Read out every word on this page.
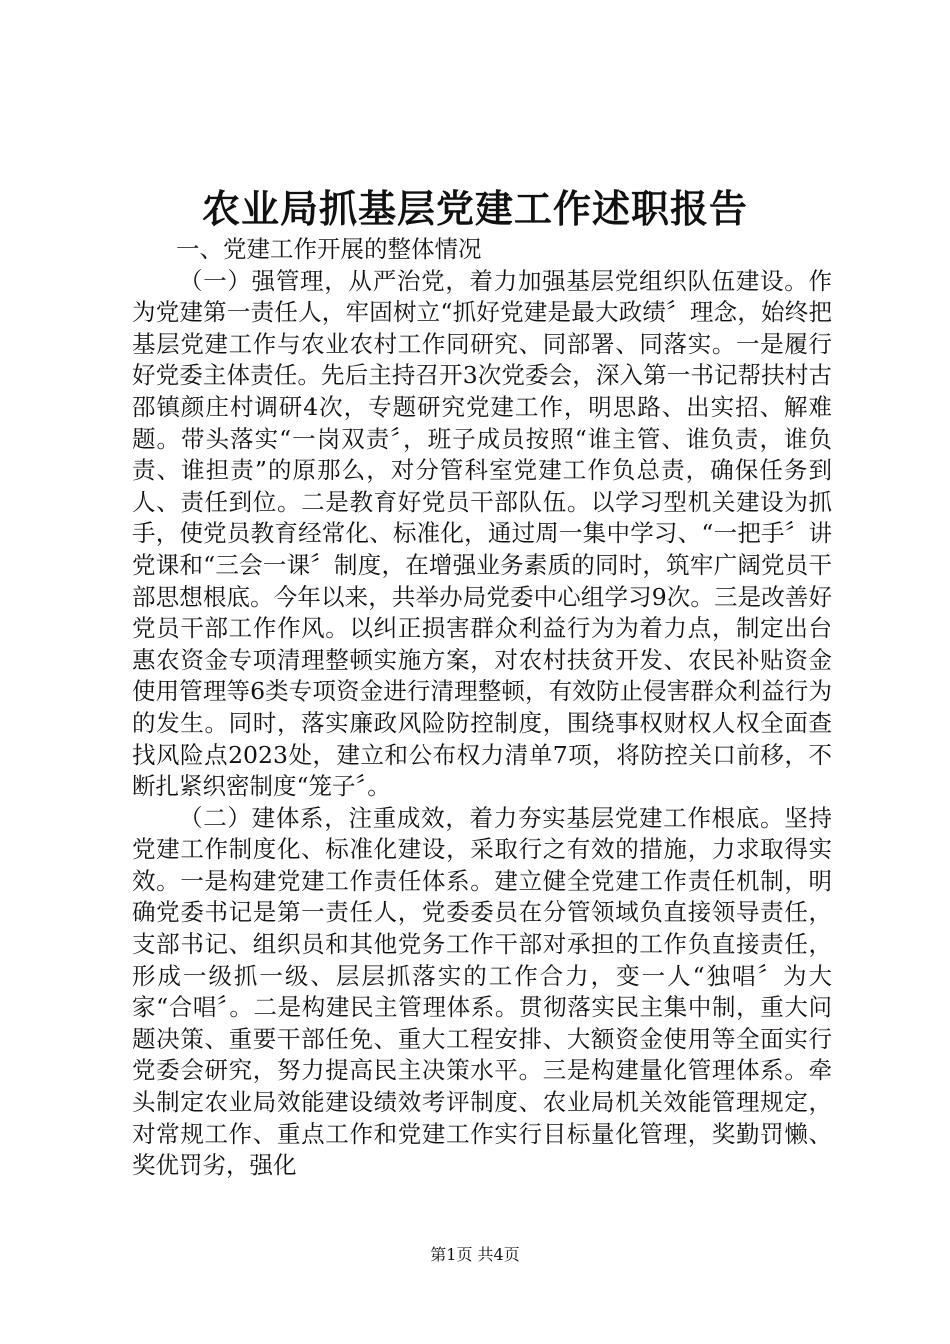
农业局抓基层党建工作述职报告

一、党建工作开展的整体情况

（一）强管理，从严治党，着力加强基层党组织队伍建设。作为党建第一责任人，牢固树立“抓好党建是最大政绩〞理念，始终把基层党建工作与农业农村工作同研究、同部署、同落实。一是履行好党委主体责任。先后主持召开3次党委会，深入第一书记帮扶村古邵镇颜庄村调研4次，专题研究党建工作，明思路、出实招、解难题。带头落实“一岗双责〞，班子成员按照“谁主管、谁负责，谁负责、谁担责”的原那么，对分管科室党建工作负总责，确保任务到人、责任到位。二是教育好党员干部队伍。以学习型机关建设为抓手，使党员教育经常化、标准化，通过周一集中学习、“一把手〞讲党课和“三会一课〞制度，在增强业务素质的同时，筑牢广阔党员干部思想根底。今年以来，共举办局党委中心组学习9次。三是改善好党员干部工作作风。以纠正损害群众利益行为为着力点，制定出台惠农资金专项清理整顿实施方案，对农村扶贫开发、农民补贴资金使用管理等6类专项资金进行清理整顿，有效防止侵害群众利益行为的发生。同时，落实廉政风险防控制度，围绕事权财权人权全面查找风险点2023处，建立和公布权力清单7项，将防控关口前移，不断扎紧织密制度“笼子〞。

（二）建体系，注重成效，着力夯实基层党建工作根底。坚持党建工作制度化、标准化建设，采取行之有效的措施，力求取得实效。一是构建党建工作责任体系。建立健全党建工作责任机制，明确党委书记是第一责任人，党委委员在分管领域负直接领导责任，支部书记、组织员和其他党务工作干部对承担的工作负直接责任，形成一级抓一级、层层抓落实的工作合力，变一人“独唱〞为大家“合唱〞。二是构建民主管理体系。贯彻落实民主集中制，重大问题决策、重要干部任免、重大工程安排、大额资金使用等全面实行党委会研究，努力提高民主决策水平。三是构建量化管理体系。牵头制定农业局效能建设绩效考评制度、农业局机关效能管理规定，对常规工作、重点工作和党建工作实行目标量化管理，奖勤罚懒、奖优罚劣，强化

第1页 共4页
